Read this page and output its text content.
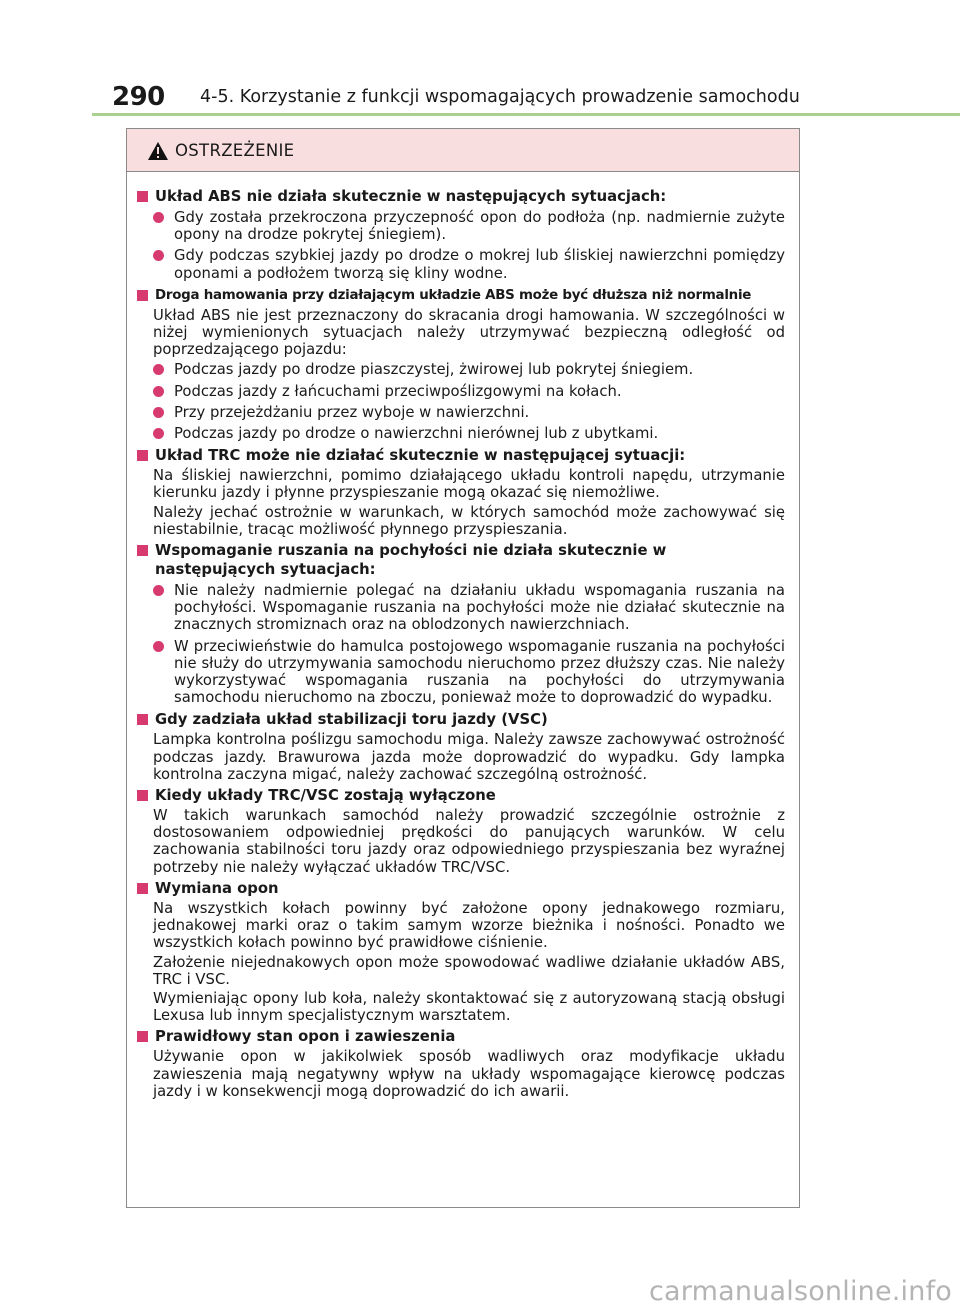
290 4-5. Korzystanie z funkcji wspomagających prowadzenie samochodu
OSTRZEŻENIE
Układ ABS nie działa skutecznie w następujących sytuacjach:
Gdy została przekroczona przyczepność opon do podłoża (np. nadmiernie zużyte opony na drodze pokrytej śniegiem).
Gdy podczas szybkiej jazdy po drodze o mokrej lub śliskiej nawierzchni pomiędzy oponami a podłożem tworzą się kliny wodne.
Droga hamowania przy działającym układzie ABS może być dłuższa niż normalnie
Układ ABS nie jest przeznaczony do skracania drogi hamowania. W szczególności w niżej wymienionych sytuacjach należy utrzymywać bezpieczną odległość od poprzedzającego pojazdu:
Podczas jazdy po drodze piaszczystej, żwirowej lub pokrytej śniegiem.
Podczas jazdy z łańcuchami przeciwpoślizgowymi na kołach.
Przy przejeżdżaniu przez wyboje w nawierzchni.
Podczas jazdy po drodze o nawierzchni nierównej lub z ubytkami.
Układ TRC może nie działać skutecznie w następującej sytuacji:
Na śliskiej nawierzchni, pomimo działającego układu kontroli napędu, utrzymanie kierunku jazdy i płynne przyspieszanie mogą okazać się niemożliwe.
Należy jechać ostrożnie w warunkach, w których samochód może zachowywać się niestabilnie, tracąc możliwość płynnego przyspieszania.
Wspomaganie ruszania na pochyłości nie działa skutecznie w następujących sytuacjach:
Nie należy nadmiernie polegać na działaniu układu wspomagania ruszania na pochyłości. Wspomaganie ruszania na pochyłości może nie działać skutecznie na znacznych stromiznach oraz na oblodzonych nawierzchniach.
W przeciwieństwie do hamulca postojowego wspomaganie ruszania na pochyłości nie służy do utrzymywania samochodu nieruchomo przez dłuższy czas. Nie należy wykorzystywać wspomagania ruszania na pochyłości do utrzymywania samochodu nieruchomo na zboczu, ponieważ może to doprowadzić do wypadku.
Gdy zadziała układ stabilizacji toru jazdy (VSC)
Lampka kontrolna poślizgu samochodu miga. Należy zawsze zachowywać ostrożność podczas jazdy. Brawurowa jazda może doprowadzić do wypadku. Gdy lampka kontrolna zaczyna migać, należy zachować szczególną ostrożność.
Kiedy układy TRC/VSC zostają wyłączone
W takich warunkach samochód należy prowadzić szczególnie ostrożnie z dostosowaniem odpowiedniej prędkości do panujących warunków. W celu zachowania stabilności toru jazdy oraz odpowiedniego przyspieszania bez wyraźnej potrzeby nie należy wyłączać układów TRC/VSC.
Wymiana opon
Na wszystkich kołach powinny być założone opony jednakowego rozmiaru, jednakowej marki oraz o takim samym wzorze bieżnika i nośności. Ponadto we wszystkich kołach powinno być prawidłowe ciśnienie.
Założenie niejednakowych opon może spowodować wadliwe działanie układów ABS, TRC i VSC.
Wymieniając opony lub koła, należy skontaktować się z autoryzowaną stacją obsługi Lexusa lub innym specjalistycznym warsztatem.
Prawidłowy stan opon i zawieszenia
Używanie opon w jakikolwiek sposób wadliwych oraz modyfikacje układu zawieszenia mają negatywny wpływ na układy wspomagające kierowcę podczas jazdy i w konsekwencji mogą doprowadzić do ich awarii.
carmanualsonline.info
